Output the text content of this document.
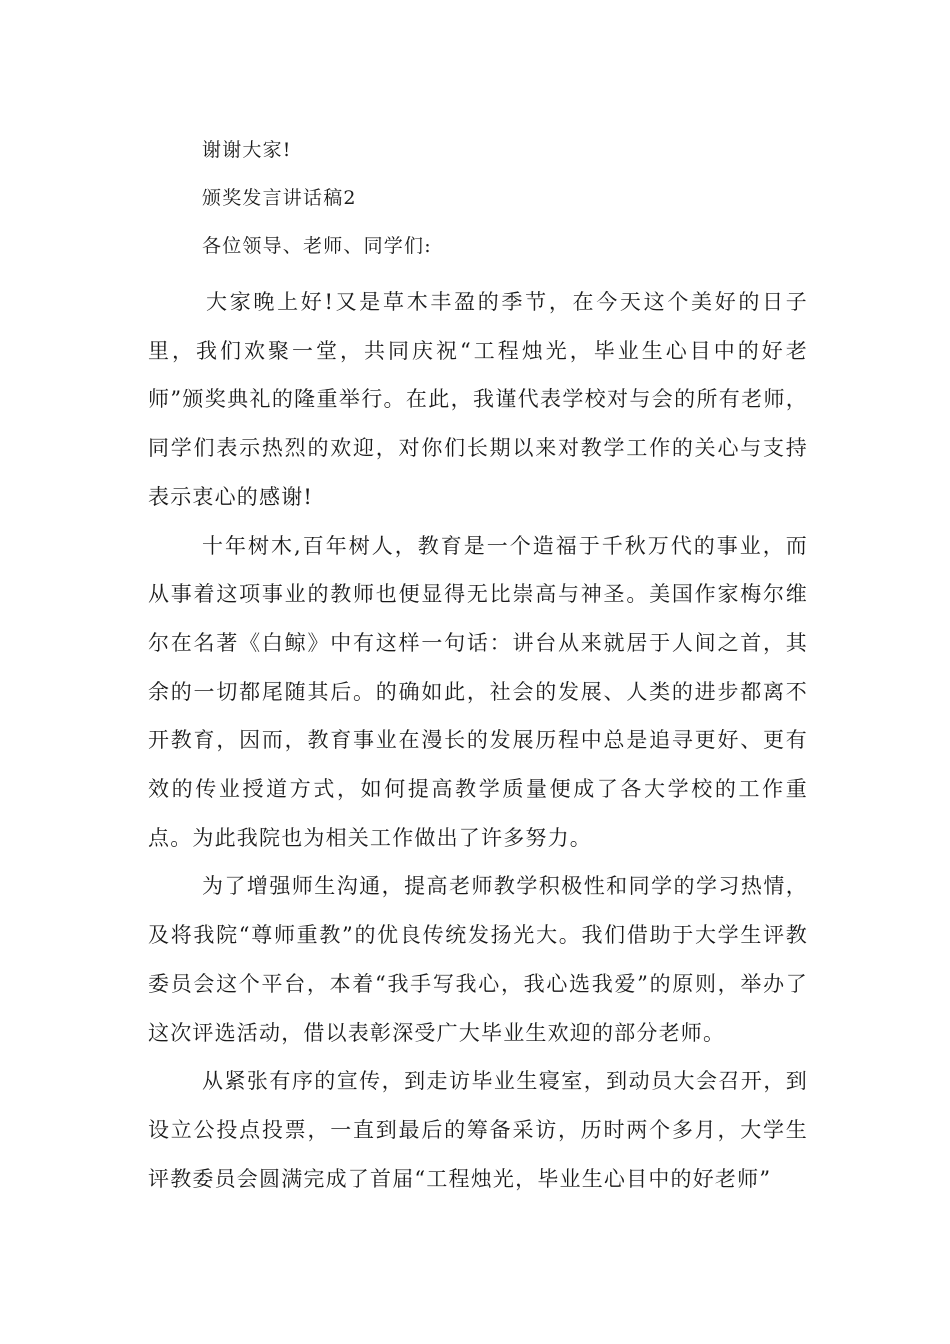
谢谢大家!

颁奖发言讲话稿2

各位领导、老师、同学们:

大家晚上好!又是草木丰盈的季节，在今天这个美好的日子里，我们欢聚一堂，共同庆祝“工程烛光，毕业生心目中的好老师”颁奖典礼的隆重举行。在此，我谨代表学校对与会的所有老师，同学们表示热烈的欢迎，对你们长期以来对教学工作的关心与支持表示衷心的感谢!

十年树木,百年树人，教育是一个造福于千秋万代的事业，而从事着这项事业的教师也便显得无比崇高与神圣。美国作家梅尔维尔在名著《白鲸》中有这样一句话：讲台从来就居于人间之首，其余的一切都尾随其后。的确如此，社会的发展、人类的进步都离不开教育，因而，教育事业在漫长的发展历程中总是追寻更好、更有效的传业授道方式，如何提高教学质量便成了各大学校的工作重点。为此我院也为相关工作做出了许多努力。

为了增强师生沟通，提高老师教学积极性和同学的学习热情，及将我院“尊师重教”的优良传统发扬光大。我们借助于大学生评教委员会这个平台，本着“我手写我心，我心选我爱”的原则，举办了这次评选活动，借以表彰深受广大毕业生欢迎的部分老师。

从紧张有序的宣传，到走访毕业生寝室，到动员大会召开，到设立公投点投票，一直到最后的筹备采访，历时两个多月，大学生评教委员会圆满完成了首届“工程烛光，毕业生心目中的好老师”
